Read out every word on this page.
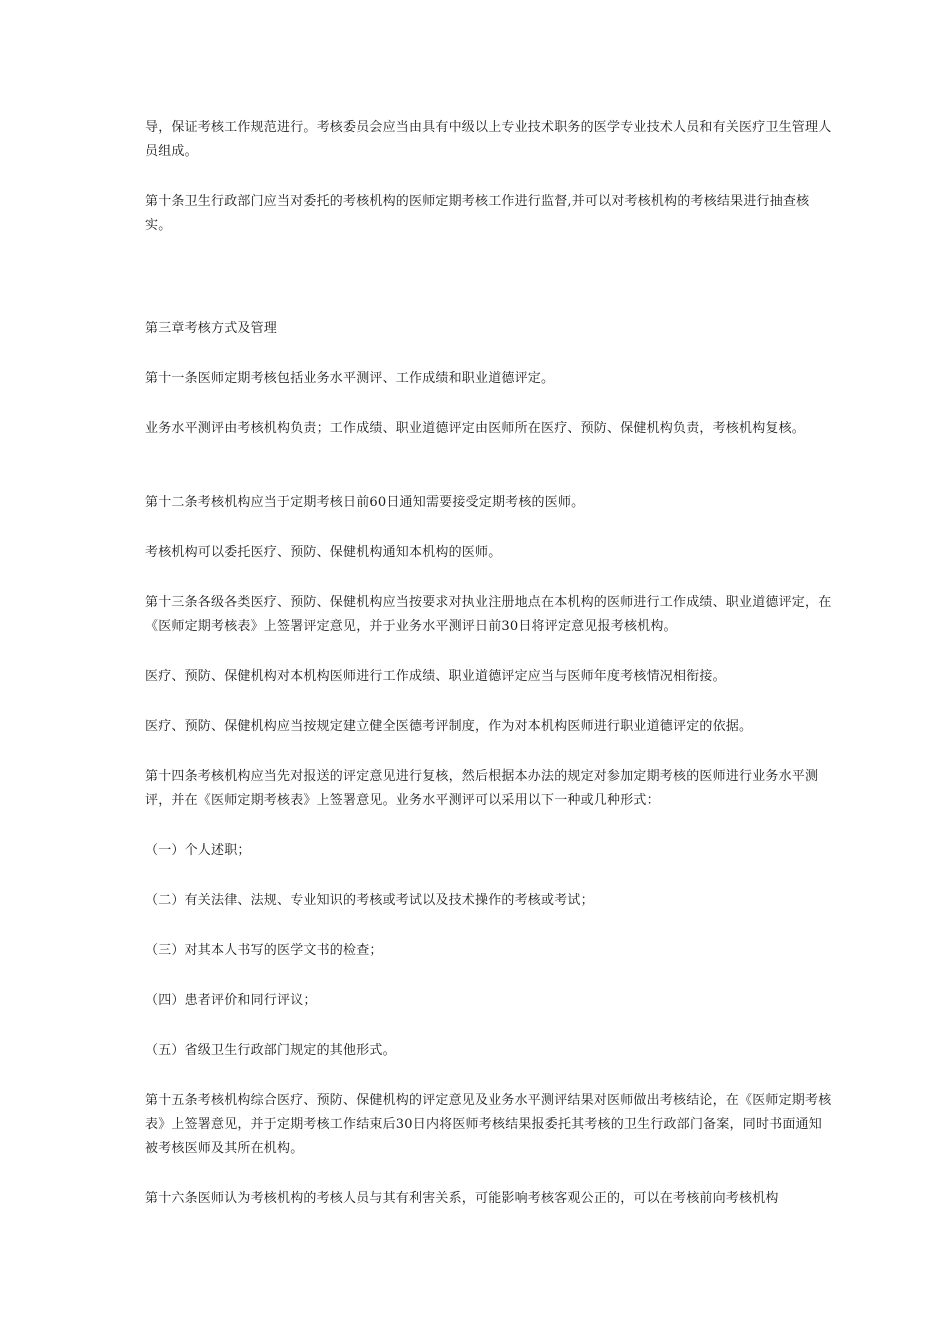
导，保证考核工作规范进行。考核委员会应当由具有中级以上专业技术职务的医学专业技术人员和有关医疗卫生管理人员组成。

第十条卫生行政部门应当对委托的考核机构的医师定期考核工作进行监督,并可以对考核机构的考核结果进行抽查核实。

第三章考核方式及管理

第十一条医师定期考核包括业务水平测评、工作成绩和职业道德评定。

业务水平测评由考核机构负责；工作成绩、职业道德评定由医师所在医疗、预防、保健机构负责，考核机构复核。

第十二条考核机构应当于定期考核日前60日通知需要接受定期考核的医师。

考核机构可以委托医疗、预防、保健机构通知本机构的医师。

第十三条各级各类医疗、预防、保健机构应当按要求对执业注册地点在本机构的医师进行工作成绩、职业道德评定，在《医师定期考核表》上签署评定意见，并于业务水平测评日前30日将评定意见报考核机构。

医疗、预防、保健机构对本机构医师进行工作成绩、职业道德评定应当与医师年度考核情况相衔接。

医疗、预防、保健机构应当按规定建立健全医德考评制度，作为对本机构医师进行职业道德评定的依据。

第十四条考核机构应当先对报送的评定意见进行复核，然后根据本办法的规定对参加定期考核的医师进行业务水平测评，并在《医师定期考核表》上签署意见。业务水平测评可以采用以下一种或几种形式：

（一）个人述职；

（二）有关法律、法规、专业知识的考核或考试以及技术操作的考核或考试；

（三）对其本人书写的医学文书的检查；

（四）患者评价和同行评议；

（五）省级卫生行政部门规定的其他形式。

第十五条考核机构综合医疗、预防、保健机构的评定意见及业务水平测评结果对医师做出考核结论，在《医师定期考核表》上签署意见，并于定期考核工作结束后30日内将医师考核结果报委托其考核的卫生行政部门备案，同时书面通知被考核医师及其所在机构。

第十六条医师认为考核机构的考核人员与其有利害关系，可能影响考核客观公正的，可以在考核前向考核机构
